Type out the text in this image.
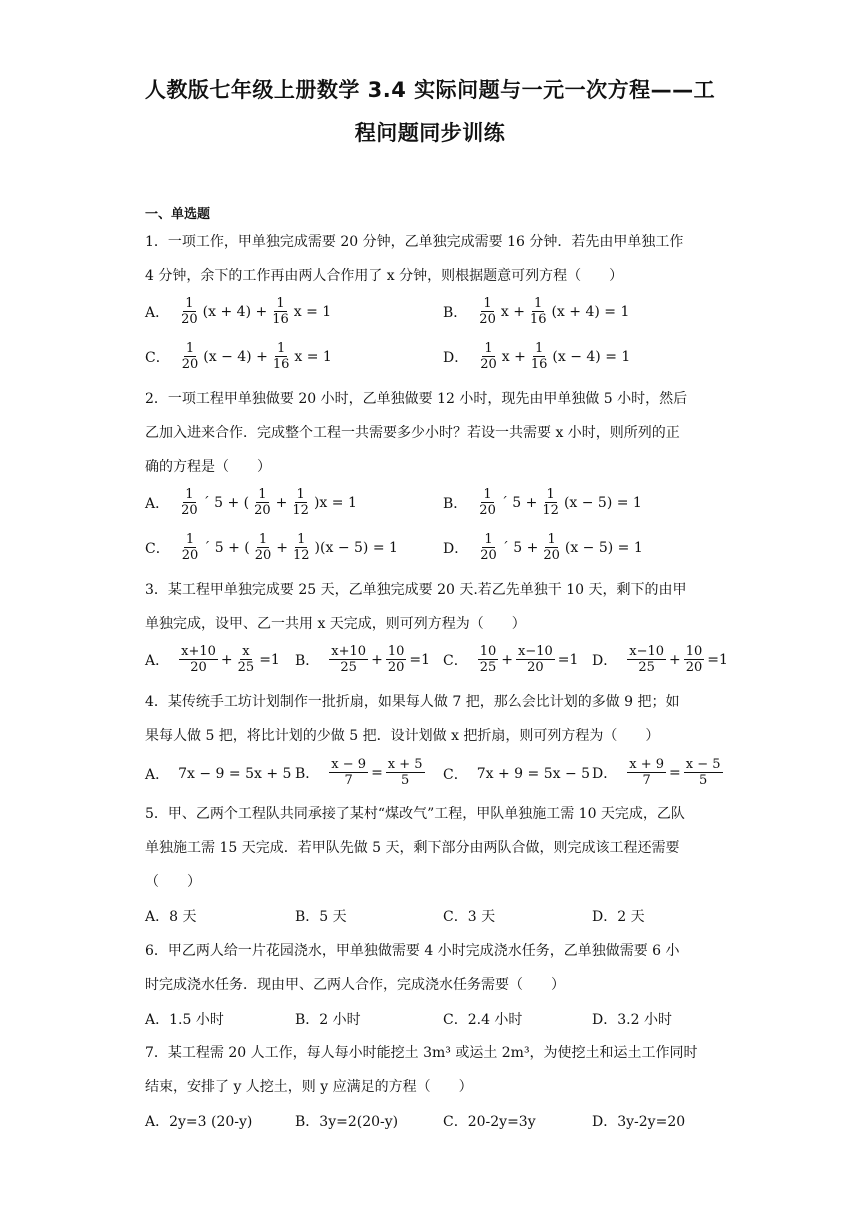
人教版七年级上册数学 3.4 实际问题与一元一次方程——工
程问题同步训练
一、单选题
1．一项工作，甲单独完成需要 20 分钟，乙单独完成需要 16 分钟．若先由甲单独工作
4 分钟，余下的工作再由两人合作用了 x 分钟，则根据题意可列方程（　　）
A． $\frac{1}{20} (x + 4) + \frac{1}{16}$ x = 1	B． $\frac{1}{20}$ $x + \frac{1}{16} (x + 4) = 1$
C． $\frac{1}{20} (x - 4) + \frac{1}{16}$ x = 1	D． $\frac{1}{20}$ $x + \frac{1}{16} (x - 4) = 1$
2．一项工程甲单独做要 20 小时，乙单独做要 12 小时，现先由甲单独做 5 小时，然后
乙加入进来合作．完成整个工程一共需要多少小时？若设一共需要 x 小时，则所列的正
确的方程是（　　）
A． $\frac{1}{20}$ ´ 5 + ( $\frac{1}{20} + \frac{1}{12} )x = 1$	B． $\frac{1}{20}$ ´ $5 + \frac{1}{12} (x - 5) = 1$
C． $\frac{1}{20}$ ´ 5 + ( $\frac{1}{20} + \frac{1}{12} )(x - 5) = 1$	D． $\frac{1}{20}$ ´ $5 + \frac{1}{20} (x - 5) = 1$
3．某工程甲单独完成要 25 天，乙单独完成要 20 天.若乙先单独干 10 天，剩下的由甲
单独完成，设甲、乙一共用 x 天完成，则可列方程为（　　）
A． $\frac{x+10}{20} + \frac{x}{25} =1$ B． $\frac{x+10}{25} + \frac{10}{20} =1$ C． $\frac{10}{25} + \frac{x-10}{20} =1$ D． $\frac{x-10}{25} + \frac{10}{20} =1$
4．某传统手工坊计划制作一批折扇，如果每人做 7 把，那么会比计划的多做 9 把；如
果每人做 5 把，将比计划的少做 5 把．设计划做 x 把折扇，则可列方程为（　　）
A． 7x − 9 = 5x + 5 B． $\frac{x - 9}{7} = \frac{x + 5}{5}$ C． 7x + 9 = 5x − 5 D． $\frac{x + 9}{7} = \frac{x - 5}{5}$
5．甲、乙两个工程队共同承接了某村“煤改气”工程，甲队单独施工需 10 天完成，乙队
单独施工需 15 天完成．若甲队先做 5 天，剩下部分由两队合做，则完成该工程还需要
（　　）
A．8 天	B．5 天	C．3 天	D．2 天
6．甲乙两人给一片花园浇水，甲单独做需要 4 小时完成浇水任务，乙单独做需要 6 小
时完成浇水任务．现由甲、乙两人合作，完成浇水任务需要（　　）
A．1.5 小时	B．2 小时	C．2.4 小时	D．3.2 小时
7．某工程需 20 人工作，每人每小时能挖土 3m³ 或运土 2m³，为使挖土和运土工作同时
结束，安排了 y 人挖土，则 y 应满足的方程（　　）
A．2y=3 (20-y)	B．3y=2(20-y)	C．20-2y=3y	D．3y-2y=20
